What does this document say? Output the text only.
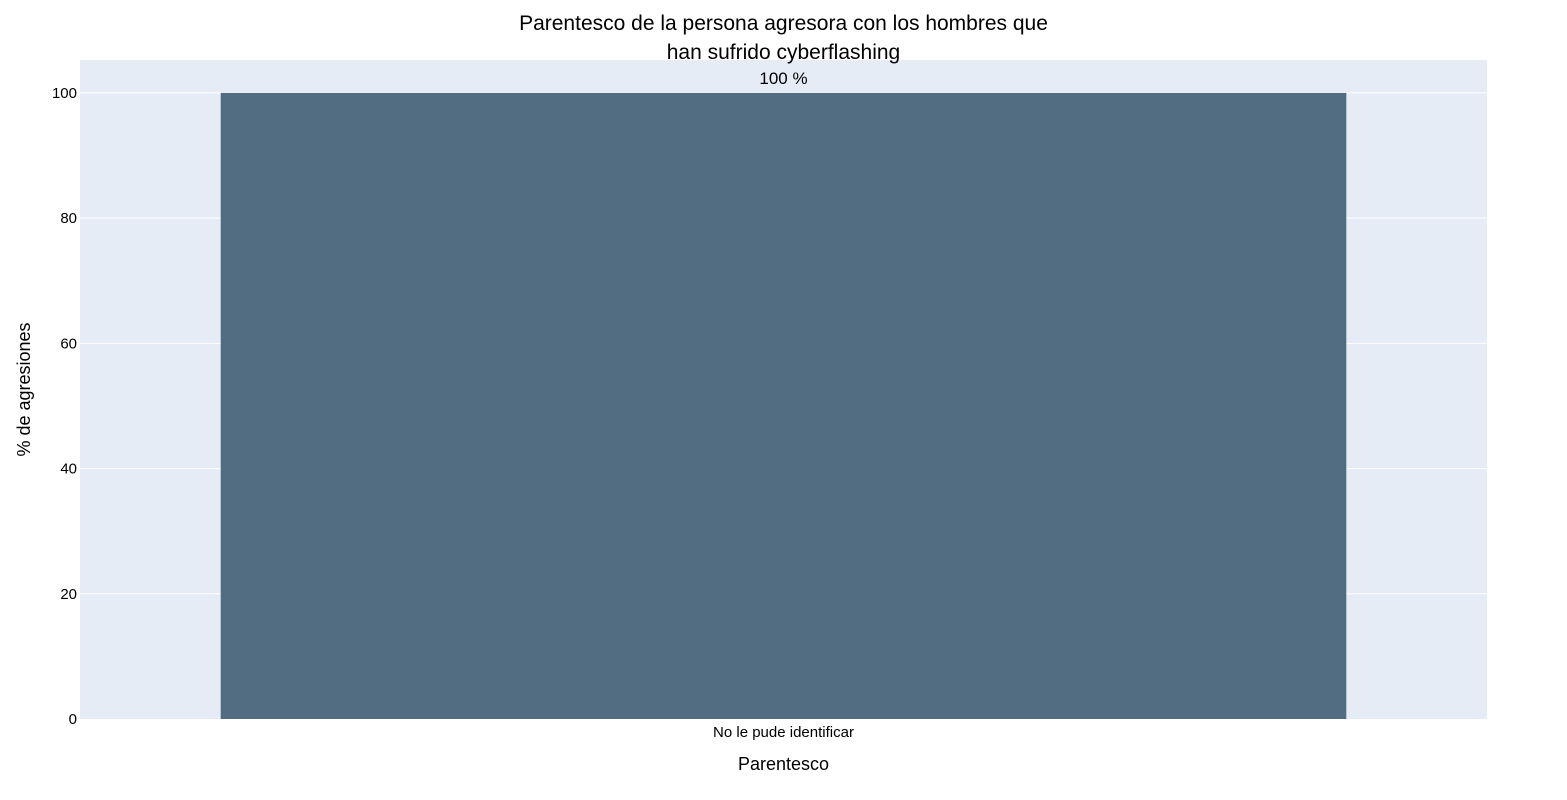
100 %
0
20
40
60
80
100
No le pude identificar
Parentesco de la persona agresora con los hombres que
han sufrido cyberflashing
Parentesco
% de agresiones
